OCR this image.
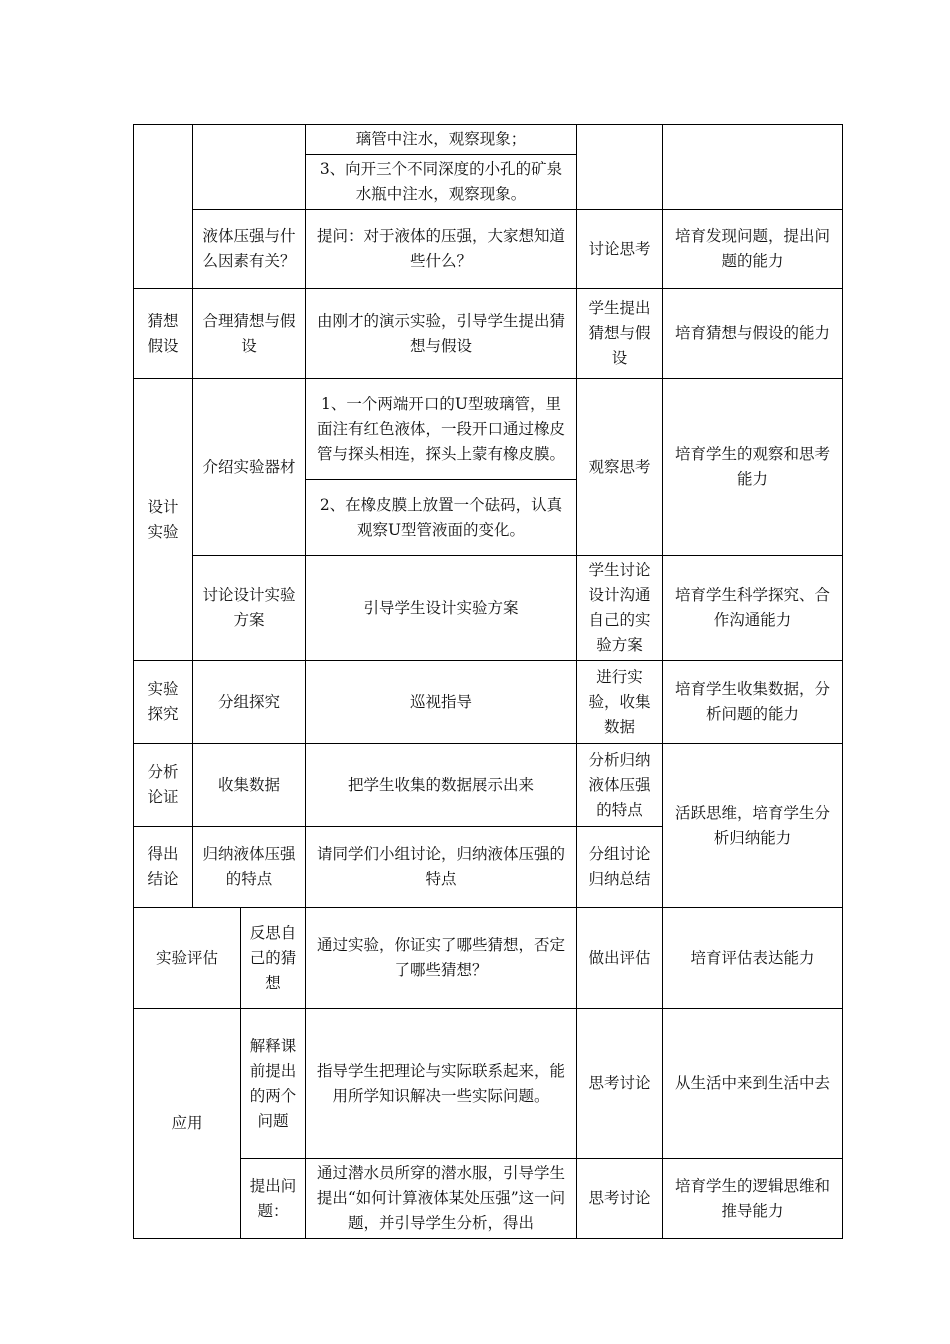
			璃管中注水，观察现象；		
			3、向开三个不同深度的小孔的矿泉水瓶中注水，观察现象。		
	液体压强与什么因素有关？		提问：对于液体的压强，大家想知道些什么？	讨论思考	培育发现问题，提出问题的能力
猜想假设	合理猜想与假设		由刚才的演示实验，引导学生提出猜想与假设	学生提出猜想与假设	培育猜想与假设的能力
设计实验	介绍实验器材		1、一个两端开口的U型玻璃管，里面注有红色液体，一段开口通过橡皮管与探头相连，探头上蒙有橡皮膜。	观察思考	培育学生的观察和思考能力
			2、在橡皮膜上放置一个砝码，认真观察U型管液面的变化。		
	讨论设计实验方案		引导学生设计实验方案	学生讨论设计沟通自己的实验方案	培育学生科学探究、合作沟通能力
实验探究	分组探究		巡视指导	进行实验，收集数据	培育学生收集数据，分析问题的能力
分析论证	收集数据		把学生收集的数据展示出来	分析归纳液体压强的特点	活跃思维，培育学生分析归纳能力
得出结论	归纳液体压强的特点		请同学们小组讨论，归纳液体压强的特点	分组讨论归纳总结	
实验评估		反思自己的猜想	通过实验，你证实了哪些猜想，否定了哪些猜想？	做出评估	培育评估表达能力
应用		解释课前提出的两个问题	指导学生把理论与实际联系起来，能用所学知识解决一些实际问题。	思考讨论	从生活中来到生活中去
		提出问题：	通过潜水员所穿的潜水服，引导学生提出“如何计算液体某处压强”这一问题，并引导学生分析，得出	思考讨论	培育学生的逻辑思维和推导能力
